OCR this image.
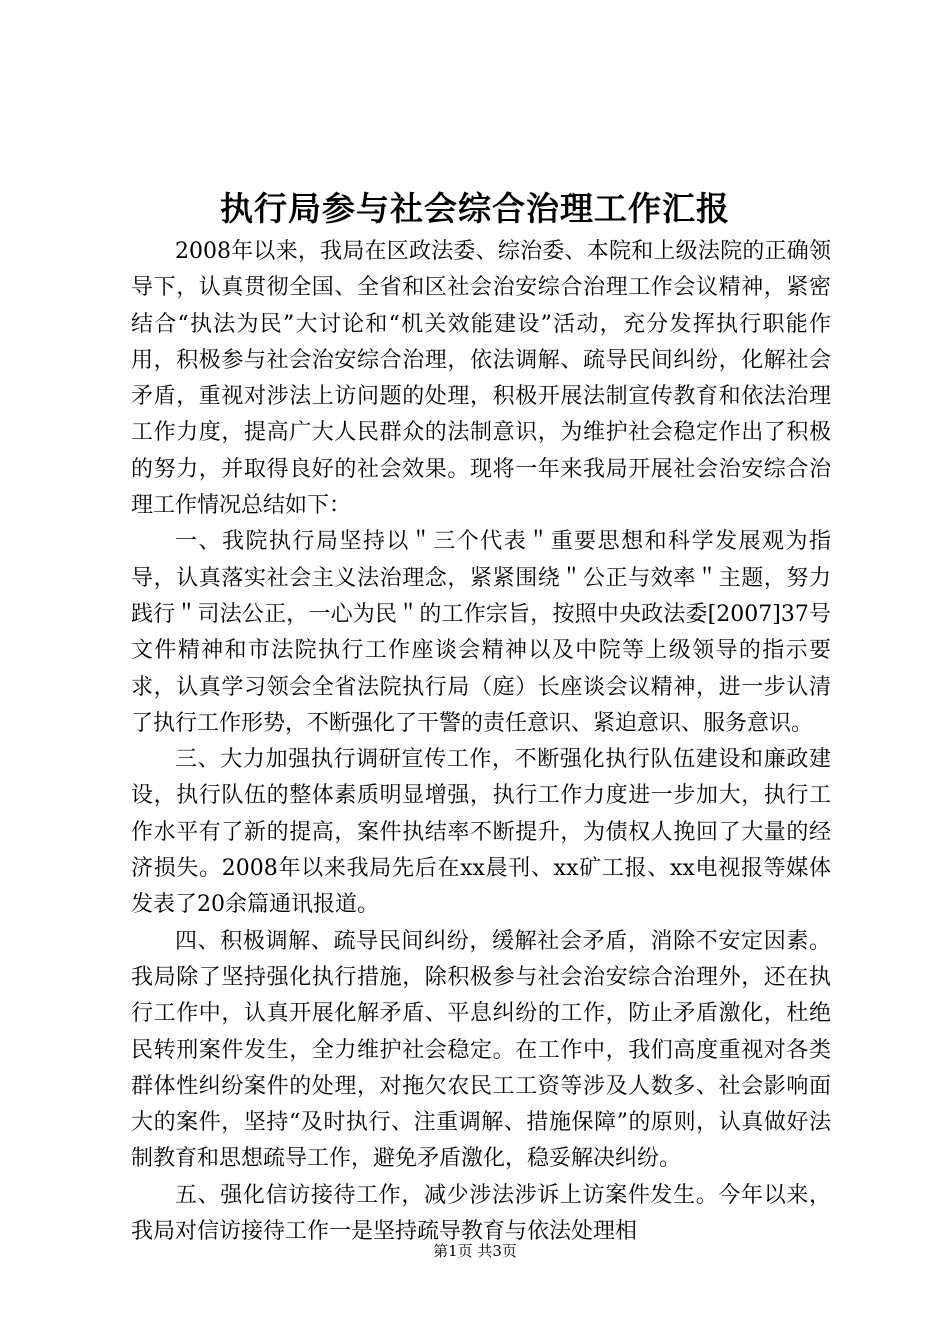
执行局参与社会综合治理工作汇报

2008年以来，我局在区政法委、综治委、本院和上级法院的正确领导下，认真贯彻全国、全省和区社会治安综合治理工作会议精神，紧密结合“执法为民”大讨论和“机关效能建设”活动，充分发挥执行职能作用，积极参与社会治安综合治理，依法调解、疏导民间纠纷，化解社会矛盾，重视对涉法上访问题的处理，积极开展法制宣传教育和依法治理工作力度，提高广大人民群众的法制意识，为维护社会稳定作出了积极的努力，并取得良好的社会效果。现将一年来我局开展社会治安综合治理工作情况总结如下：

一、我院执行局坚持以＂三个代表＂重要思想和科学发展观为指导，认真落实社会主义法治理念，紧紧围绕＂公正与效率＂主题，努力践行＂司法公正，一心为民＂的工作宗旨，按照中央政法委[2007]37号文件精神和市法院执行工作座谈会精神以及中院等上级领导的指示要求，认真学习领会全省法院执行局（庭）长座谈会议精神，进一步认清了执行工作形势，不断强化了干警的责任意识、紧迫意识、服务意识。

三、大力加强执行调研宣传工作，不断强化执行队伍建设和廉政建设，执行队伍的整体素质明显增强，执行工作力度进一步加大，执行工作水平有了新的提高，案件执结率不断提升，为债权人挽回了大量的经济损失。2008年以来我局先后在xx晨刊、xx矿工报、xx电视报等媒体发表了20余篇通讯报道。

四、积极调解、疏导民间纠纷，缓解社会矛盾，消除不安定因素。我局除了坚持强化执行措施，除积极参与社会治安综合治理外，还在执行工作中，认真开展化解矛盾、平息纠纷的工作，防止矛盾激化，杜绝民转刑案件发生，全力维护社会稳定。在工作中，我们高度重视对各类群体性纠纷案件的处理，对拖欠农民工工资等涉及人数多、社会影响面大的案件，坚持“及时执行、注重调解、措施保障”的原则，认真做好法制教育和思想疏导工作，避免矛盾激化，稳妥解决纠纷。

五、强化信访接待工作，减少涉法涉诉上访案件发生。今年以来，我局对信访接待工作一是坚持疏导教育与依法处理相

第1页 共3页
